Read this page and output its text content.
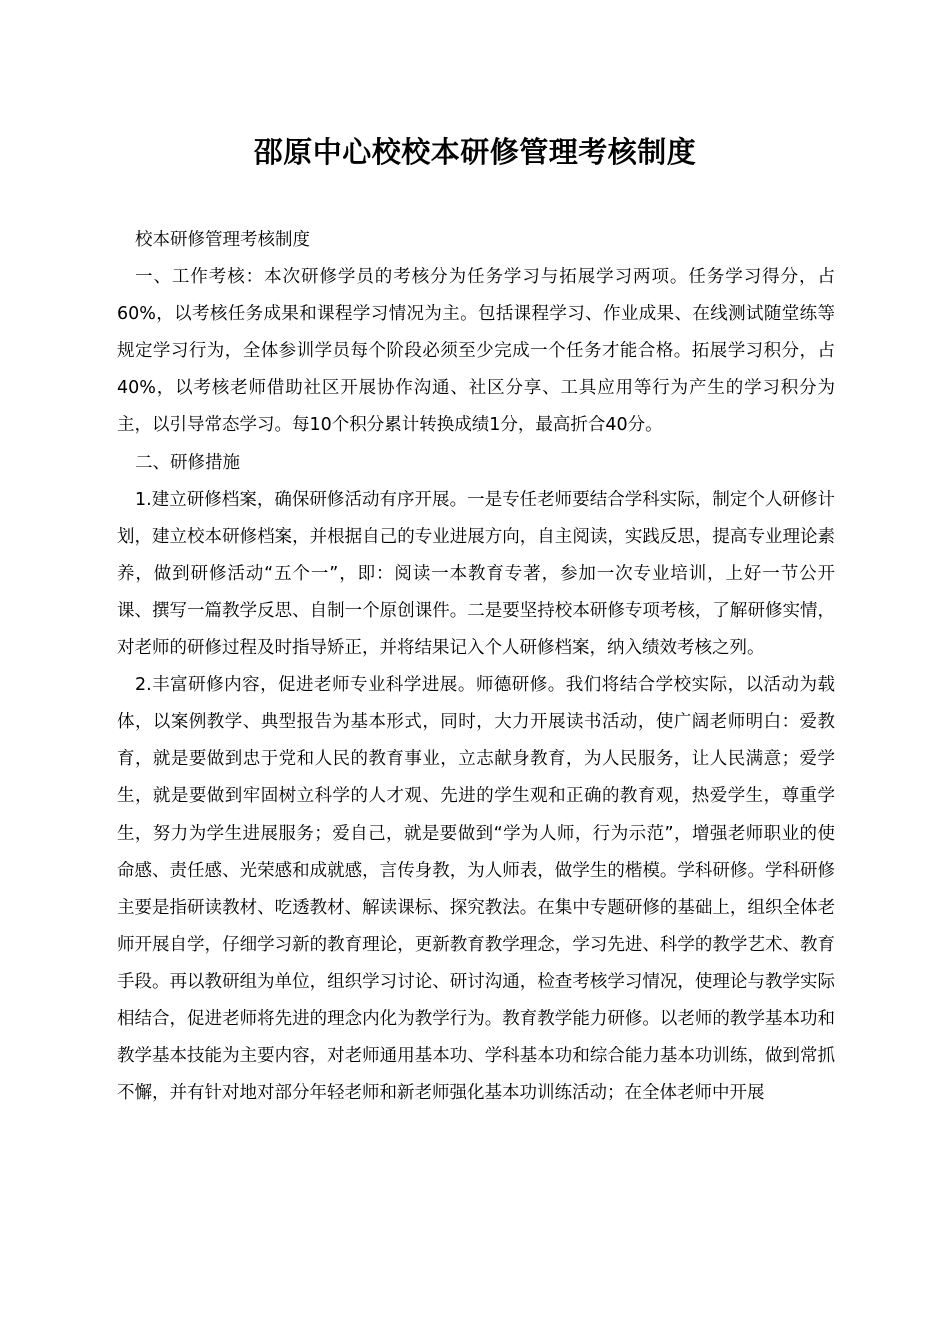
邵原中心校校本研修管理考核制度

校本研修管理考核制度

一、工作考核：本次研修学员的考核分为任务学习与拓展学习两项。任务学习得分，占60%，以考核任务成果和课程学习情况为主。包括课程学习、作业成果、在线测试随堂练等规定学习行为，全体参训学员每个阶段必须至少完成一个任务才能合格。拓展学习积分，占40%，以考核老师借助社区开展协作沟通、社区分享、工具应用等行为产生的学习积分为主，以引导常态学习。每10个积分累计转换成绩1分，最高折合40分。

二、研修措施

1.建立研修档案，确保研修活动有序开展。一是专任老师要结合学科实际，制定个人研修计划，建立校本研修档案，并根据自己的专业进展方向，自主阅读，实践反思，提高专业理论素养，做到研修活动“五个一”，即：阅读一本教育专著，参加一次专业培训，上好一节公开课、撰写一篇教学反思、自制一个原创课件。二是要坚持校本研修专项考核，了解研修实情，对老师的研修过程及时指导矫正，并将结果记入个人研修档案，纳入绩效考核之列。

2.丰富研修内容，促进老师专业科学进展。师德研修。我们将结合学校实际，以活动为载体，以案例教学、典型报告为基本形式，同时，大力开展读书活动，使广阔老师明白：爱教育，就是要做到忠于党和人民的教育事业，立志献身教育，为人民服务，让人民满意；爱学生，就是要做到牢固树立科学的人才观、先进的学生观和正确的教育观，热爱学生，尊重学生，努力为学生进展服务；爱自己，就是要做到“学为人师，行为示范”，增强老师职业的使命感、责任感、光荣感和成就感，言传身教，为人师表，做学生的楷模。学科研修。学科研修主要是指研读教材、吃透教材、解读课标、探究教法。在集中专题研修的基础上，组织全体老师开展自学，仔细学习新的教育理论，更新教育教学理念，学习先进、科学的教学艺术、教育手段。再以教研组为单位，组织学习讨论、研讨沟通，检查考核学习情况，使理论与教学实际相结合，促进老师将先进的理念内化为教学行为。教育教学能力研修。以老师的教学基本功和教学基本技能为主要内容，对老师通用基本功、学科基本功和综合能力基本功训练，做到常抓不懈，并有针对地对部分年轻老师和新老师强化基本功训练活动；在全体老师中开展
